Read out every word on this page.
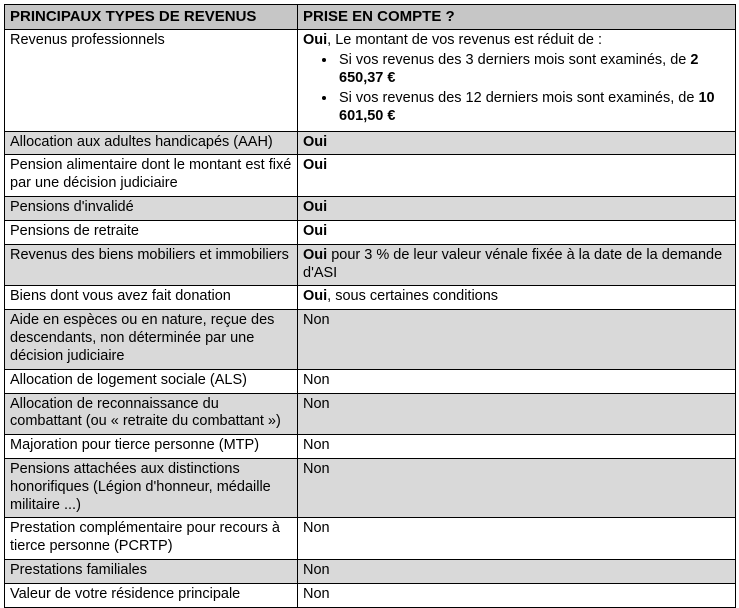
PRINCIPAUX TYPES DE REVENUS	PRISE EN COMPTE ?
Revenus professionnels	Oui, Le montant de vos revenus est réduit de :
• Si vos revenus des 3 derniers mois sont examinés, de 2 650,37 €
• Si vos revenus des 12 derniers mois sont examinés, de 10 601,50 €

Allocation aux adultes handicapés (AAH)	Oui

Pension alimentaire dont le montant est fixé par une décision judiciaire	Oui

Pensions d'invalidé	Oui

Pensions de retraite	Oui

Revenus des biens mobiliers et immobiliers	Oui pour 3 % de leur valeur vénale fixée à la date de la demande d'ASI

Biens dont vous avez fait donation	Oui, sous certaines conditions

Aide en espèces ou en nature, reçue des descendants, non déterminée par une décision judiciaire	Non

Allocation de logement sociale (ALS)	Non

Allocation de reconnaissance du combattant (ou « retraite du combattant »)	Non

Majoration pour tierce personne (MTP)	Non

Pensions attachées aux distinctions honorifiques (Légion d'honneur, médaille militaire ...)	Non

Prestation complémentaire pour recours à tierce personne (PCRTP)	Non

Prestations familiales	Non

Valeur de votre résidence principale	Non
